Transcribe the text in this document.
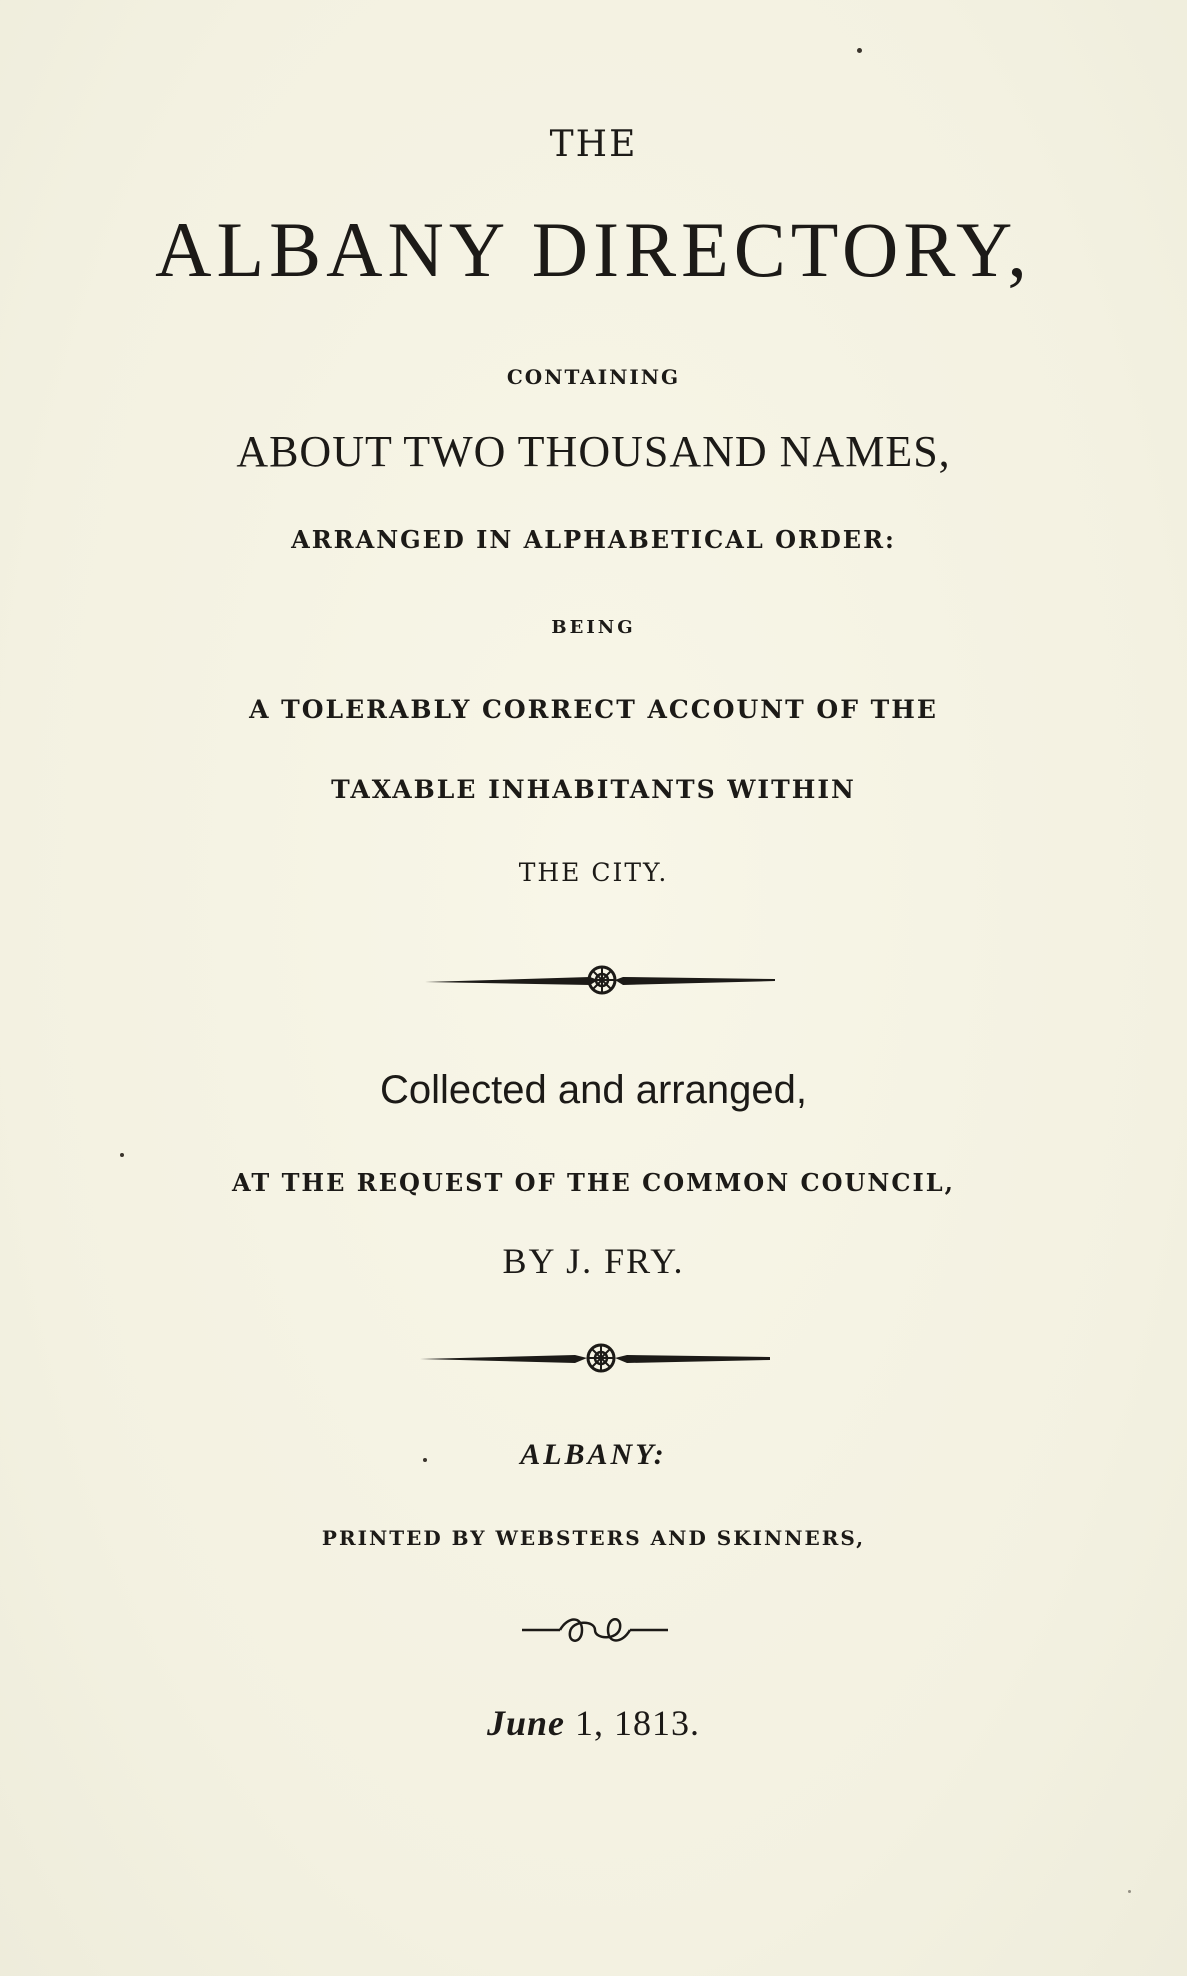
THE
ALBANY DIRECTORY,
CONTAINING
ABOUT TWO THOUSAND NAMES,
ARRANGED IN ALPHABETICAL ORDER:
BEING
A TOLERABLY CORRECT ACCOUNT OF THE
TAXABLE INHABITANTS WITHIN
THE CITY.
Collected and arranged,
AT THE REQUEST OF THE COMMON COUNCIL,
BY J. FRY.
ALBANY:
PRINTED BY WEBSTERS AND SKINNERS,
June 1, 1813.
